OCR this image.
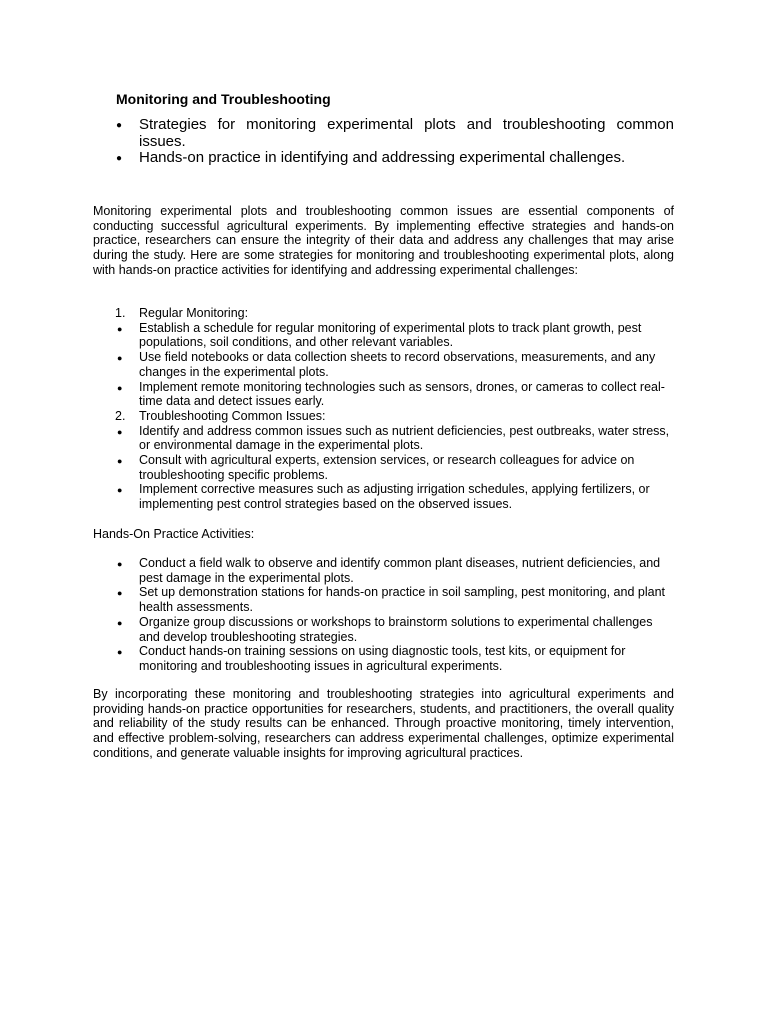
Monitoring and Troubleshooting
● Strategies for monitoring experimental plots and troubleshooting common issues.
● Hands-on practice in identifying and addressing experimental challenges.

Monitoring experimental plots and troubleshooting common issues are essential components of conducting successful agricultural experiments. By implementing effective strategies and hands-on practice, researchers can ensure the integrity of their data and address any challenges that may arise during the study. Here are some strategies for monitoring and troubleshooting experimental plots, along with hands-on practice activities for identifying and addressing experimental challenges:

1. Regular Monitoring:
● Establish a schedule for regular monitoring of experimental plots to track plant growth, pest populations, soil conditions, and other relevant variables.
● Use field notebooks or data collection sheets to record observations, measurements, and any changes in the experimental plots.
● Implement remote monitoring technologies such as sensors, drones, or cameras to collect real-time data and detect issues early.
2. Troubleshooting Common Issues:
● Identify and address common issues such as nutrient deficiencies, pest outbreaks, water stress, or environmental damage in the experimental plots.
● Consult with agricultural experts, extension services, or research colleagues for advice on troubleshooting specific problems.
● Implement corrective measures such as adjusting irrigation schedules, applying fertilizers, or implementing pest control strategies based on the observed issues.

Hands-On Practice Activities:

● Conduct a field walk to observe and identify common plant diseases, nutrient deficiencies, and pest damage in the experimental plots.
● Set up demonstration stations for hands-on practice in soil sampling, pest monitoring, and plant health assessments.
● Organize group discussions or workshops to brainstorm solutions to experimental challenges and develop troubleshooting strategies.
● Conduct hands-on training sessions on using diagnostic tools, test kits, or equipment for monitoring and troubleshooting issues in agricultural experiments.

By incorporating these monitoring and troubleshooting strategies into agricultural experiments and providing hands-on practice opportunities for researchers, students, and practitioners, the overall quality and reliability of the study results can be enhanced. Through proactive monitoring, timely intervention, and effective problem-solving, researchers can address experimental challenges, optimize experimental conditions, and generate valuable insights for improving agricultural practices.
